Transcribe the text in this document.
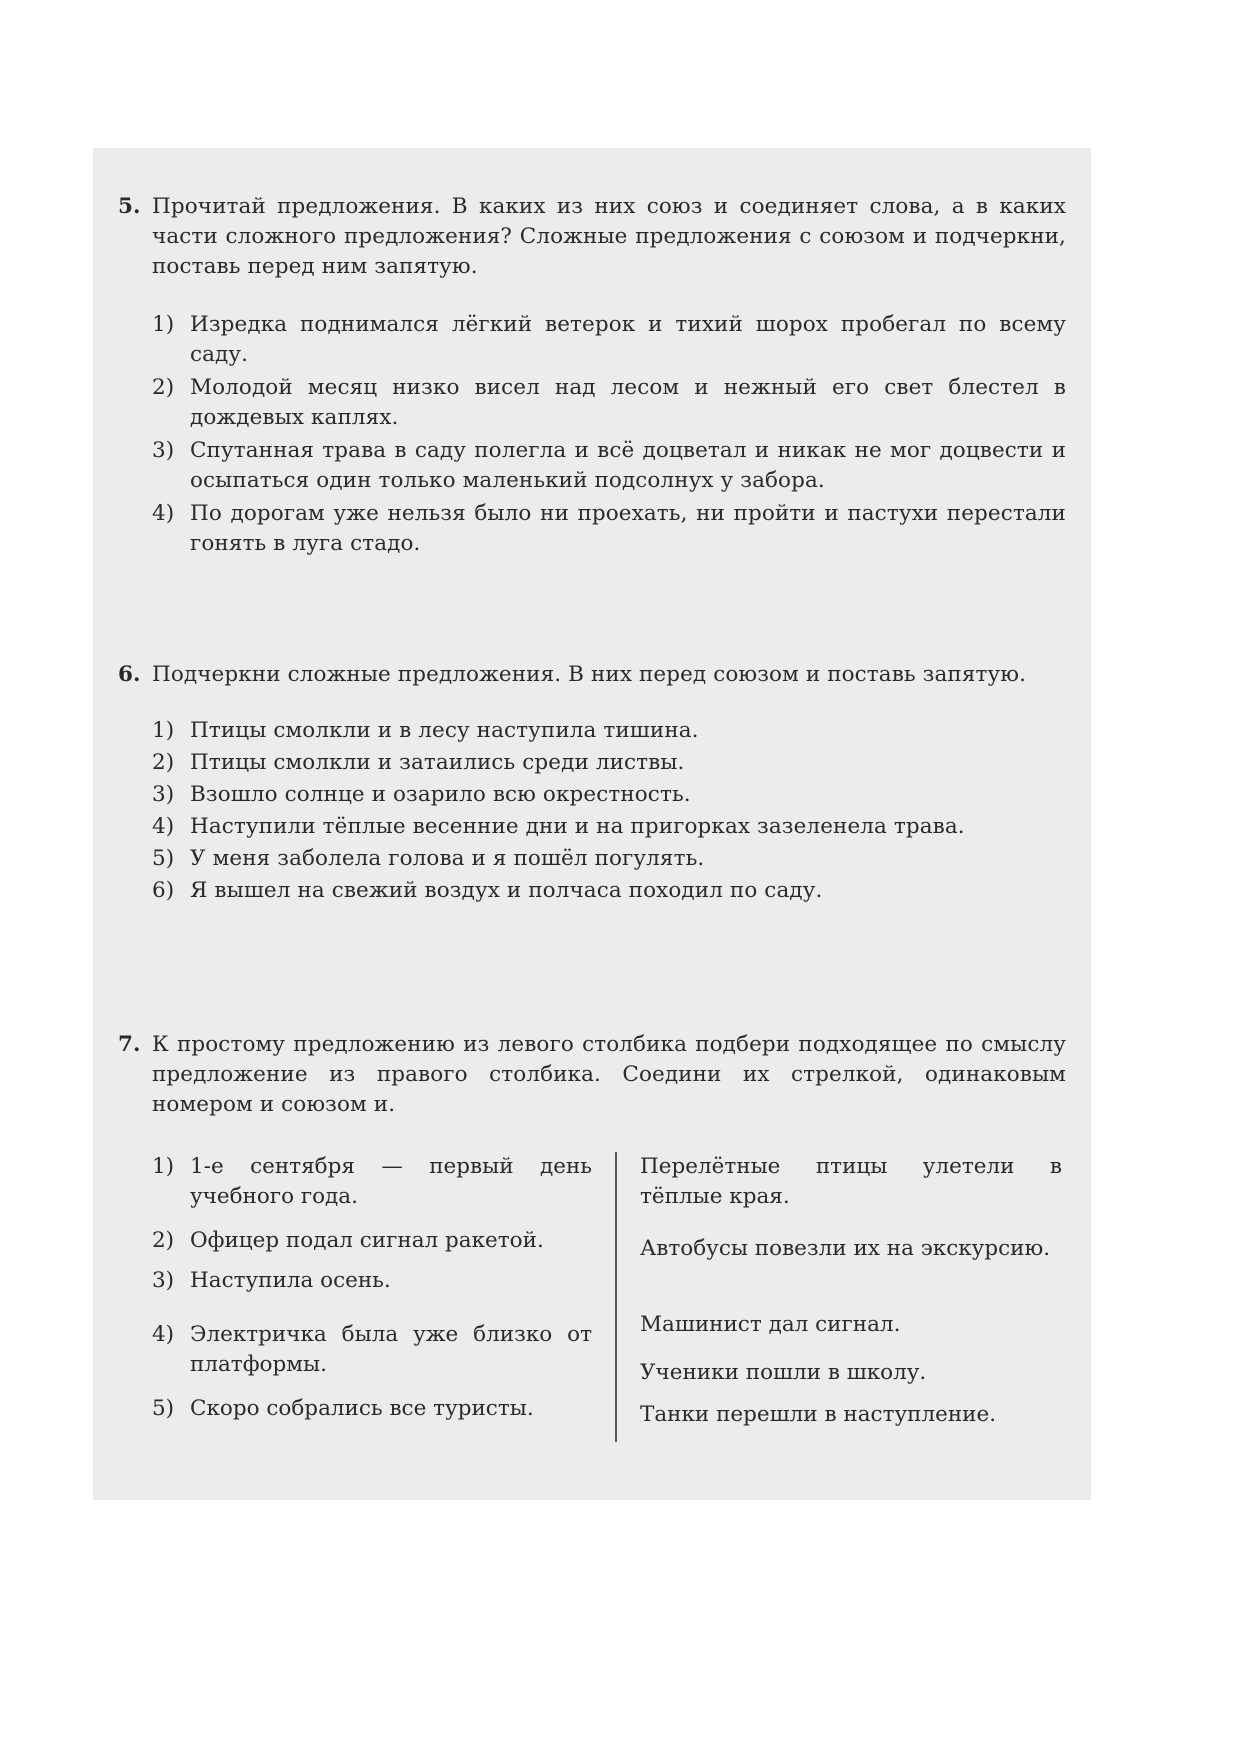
5. Прочитай предложения. В каких из них союз и соединяет слова, а в каких части сложного предложения? Сложные предложения с союзом и подчеркни, поставь перед ним запятую.
1) Изредка поднимался лёгкий ветерок и тихий шорох пробегал по всему саду.
2) Молодой месяц низко висел над лесом и нежный его свет блестел в дождевых каплях.
3) Спутанная трава в саду полегла и всё доцветал и никак не мог доцвести и осыпаться один только маленький подсолнух у забора.
4) По дорогам уже нельзя было ни проехать, ни пройти и пастухи перестали гонять в луга стадо.
6. Подчеркни сложные предложения. В них перед союзом и поставь запятую.
1) Птицы смолкли и в лесу наступила тишина.
2) Птицы смолкли и затаились среди листвы.
3) Взошло солнце и озарило всю окрестность.
4) Наступили тёплые весенние дни и на пригорках зазеленела трава.
5) У меня заболела голова и я пошёл погулять.
6) Я вышел на свежий воздух и полчаса походил по саду.
7. К простому предложению из левого столбика подбери подходящее по смыслу предложение из правого столбика. Соедини их стрелкой, одинаковым номером и союзом и.
1) 1-е сентября — первый день учебного года.
2) Офицер подал сигнал ракетой.
3) Наступила осень.
4) Электричка была уже близко от платформы.
5) Скоро собрались все туристы.
Перелётные птицы улетели в тёплые края.
Автобусы повезли их на экскурсию.
Машинист дал сигнал.
Ученики пошли в школу.
Танки перешли в наступление.
